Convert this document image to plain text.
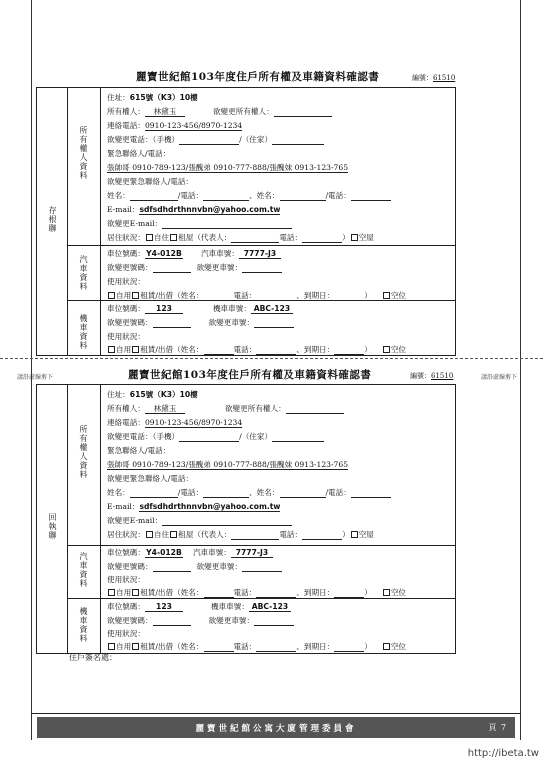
麗寶世紀館103年度住戶所有權及車籍資料確認書	編號：61510
存根聯
所有權人資料
汽車資料
機車資料
住址：615號（K3）10樓
所有權人： 林黛玉	欲變更所有權人：
連絡電話：0910-123-456/8970-1234
欲變更電話：（手機）	/（住家）
緊急聯絡人/電話：
張帥哥 0910-789-123/張醜弟 0910-777-888/張醜妹 0913-123-765
欲變更緊急聯絡人/電話：
姓名：	/電話：	、姓名：	/電話：
E-mail：sdfsdhdrthnnvbn@yahoo.com.tw
欲變更E-mail：
居住狀況： 自住 租屋（代表人：	電話：	） 空屋
車位號碼：Y4-012B	汽車車號： 7777-J3
欲變更號碼：	欲變更車號：
使用狀況：
自用 租賃/出借（姓名：	電話：	、到期日：	）	空位
車位號碼： 123	機車車號： ABC-123
欲變更號碼：	欲變更車號：
使用狀況：
自用 租賃/出借（姓名：	電話：	、到期日：	）	空位
請沿虛線剪下	請沿虛線剪下
麗寶世紀館103年度住戶所有權及車籍資料確認書	編號：61510
回執聯
所有權人資料
汽車資料
機車資料
住址：615號（K3）10樓
所有權人： 林黛玉	欲變更所有權人：
連絡電話：0910-123-456/8970-1234
欲變更電話：（手機）	/（住家）
緊急聯絡人/電話：
張帥哥 0910-789-123/張醜弟 0910-777-888/張醜妹 0913-123-765
欲變更緊急聯絡人/電話：
姓名：	/電話：	、姓名：	/電話：
E-mail：sdfsdhdrthnnvbn@yahoo.com.tw
欲變更E-mail：
居住狀況： 自住 租屋（代表人：	電話：	） 空屋
車位號碼：Y4-012B 汽車車號： 7777-J3
欲變更號碼：	欲變更車號：
使用狀況：
自用 租賃/出借（姓名：	電話：	、到期日：	）	空位
車位號碼： 123	機車車號： ABC-123
欲變更號碼：	欲變更車號：
使用狀況：
自用 租賃/出借（姓名：	電話：	、到期日：	）	空位
住戶簽名處：
麗寶世紀館公寓大廈管理委員會	頁 7
http://ibeta.tw
